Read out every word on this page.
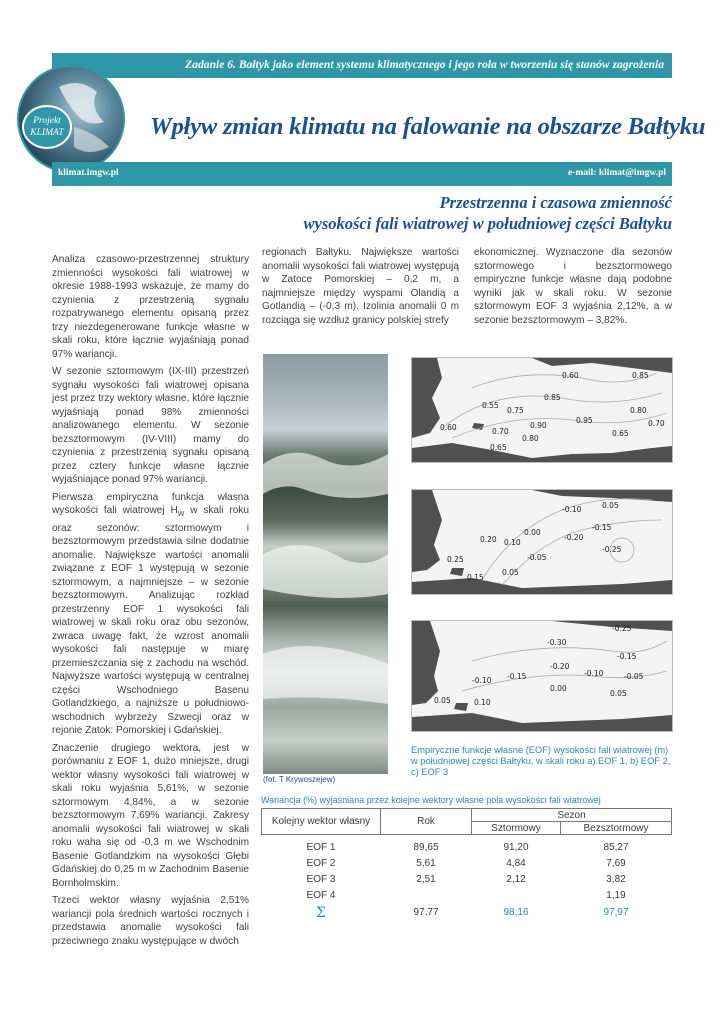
Zadanie 6. Bałtyk jako element systemu klimatycznego i jego rola w tworzeniu się stanów zagrożenia
Projekt
KLIMAT	Wpływ zmian klimatu na falowanie na obszarze Bałtyku
klimat.imgw.pl	e-mail: klimat@imgw.pl
Przestrzenna i czasowa zmienność
wysokości fali wiatrowej w południowej części Bałtyku

Analiza czasowo-przestrzennej struktury zmienności wysokości fali wiatrowej w okresie 1988-1993 wskazuje, że mamy do czynienia z przestrzenią sygnału rozpatrywanego elementu opisaną przez trzy niezdegenerowane funkcje własne w skali roku, które łącznie wyjaśniają ponad 97% wariancji.

W sezonie sztormowym (IX-III) przestrzeń sygnału wysokości fali wiatrowej opisana jest przez trzy wektory własne, które łącznie wyjaśniają ponad 98% zmienności analizowanego elementu. W sezonie bezsztormowym (IV-VIII) mamy do czynienia z przestrzenią sygnału opisaną przez cztery funkcje własne łącznie wyjaśniające ponad 97% wariancji.

Pierwsza empiryczna funkcja własna wysokości fali wiatrowej $H_W$ w skali roku oraz sezonów: sztormowym i bezsztormowym przedstawia silne dodatnie anomalie. Największe wartości anomalii związane z EOF 1 występują w sezonie sztormowym, a najmniejsze – w sezonie bezsztormowym. Analizując rozkład przestrzenny EOF 1 wysokości fali wiatrowej w skali roku oraz obu sezonów, zwraca uwagę fakt, że wzrost anomalii wysokości fali następuje w miarę przemieszczania się z zachodu na wschód. Najwyższe wartości występują w centralnej części Wschodniego Basenu Gotlandzkiego, a najniższe u południowo-wschodnich wybrzeży Szwecji oraz w rejonie Zatok: Pomorskiej i Gdańskiej.

Znaczenie drugiego wektora, jest w porównaniu z EOF 1, dużo mniejsze, drugi wektor własny wysokości fali wiatrowej w skali roku wyjaśnia 5,61%, w sezonie sztormowym 4,84%, a w sezonie bezsztormowym 7,69% wariancji. Zakresy anomalii wysokości fali wiatrowej w skali roku waha się od -0,3 m we Wschodnim Basenie Gotlandzkim na wysokości Głębi Gdańskiej do 0,25 m w Zachodnim Basenie Bornholmskim.

Trzeci wektor własny wyjaśnia 2,51% wariancji pola średnich wartości rocznych i przedstawia anomalie wysokości fali przeciwnego znaku występujące w dwóch

regionach Bałtyku. Największe wartości anomalii wysokości fali wiatrowej występują w Zatoce Pomorskiej – 0,2 m, a najmniejsze między wyspami Olandią a Gotlandią – (-0,3 m). Izolinia anomalii 0 m rozciąga się wzdłuż granicy polskiej strefy

ekonomicznej. Wyznaczone dla sezonów sztormowego i bezsztormowego empiryczne funkcje własne dają podobne wyniki jak w skali roku. W sezonie sztormowym EOF 3 wyjaśnia 2,12%, a w sezonie bezsztormowym – 3,82%.

(fot. T Krywoszejew)
0.60	0.85
0.55
0.75
0.85
0.80
0.70
0.60	0.70
0.90
0.95
0.65
0.65
0.80
-0.10	0.05
-0.15
-0.20
-0.25
0.20 0.10
0.00
-0.05
0.25
0.15
0.05
-0.25
-0.30
-0.15
-0.20
-0.15	-0.10
-0.10
0.00
-0.05
0.05
0.05
0.10
Empiryczne funkcje własne (EOF) wysokości fali wiatrowej (m) w południowej części Bałtyku, w skali roku a) EOF 1, b) EOF 2, c) EOF 3
Wariancja (%) wyjaśniana przez kolejne wektory własne pola wysokości fali wiatrowej
Kolejny wektor własny	Rok	Sezon	
		Sztormowy	Bezsztormowy

EOF 1	89,65	91,20	85,27
EOF 2	5,61	4,84	7,69
EOF 3	2,51	2,12	3,82
EOF 4			1,19
Σ	97,77	98,16	97,97
